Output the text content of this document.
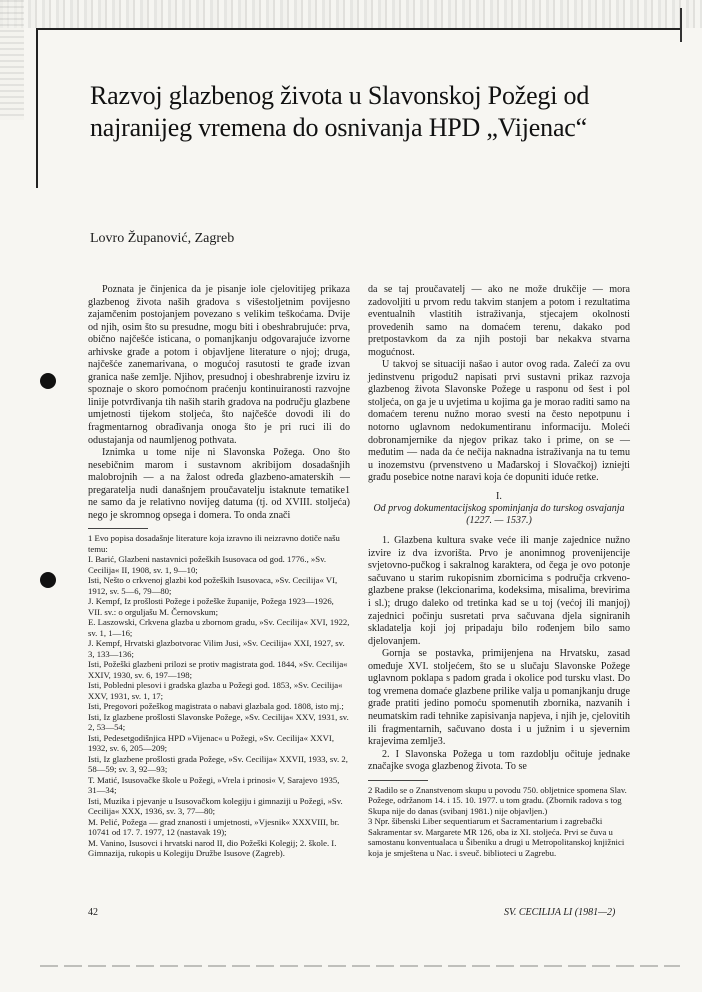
Razvoj glazbenog života u Slavonskoj Požegi od najranijeg vremena do osnivanja HPD „Vijenac“
Lovro Županović, Zagreb

Poznata je činjenica da je pisanje iole cjelovitijeg prikaza glazbenog života naših gradova s višestoljetnim povijesno zajamčenim postojanjem povezano s velikim teškoćama. Dvije od njih, osim što su presudne, mogu biti i obeshrabrujuće: prva, obično najčešće isticana, o pomanjkanju odgovarajuće izvorne arhivske građe a potom i objavljene literature o njoj; druga, najčešće zanemarivana, o mogućoj rasutosti te građe izvan granica naše zemlje. Njihov, presudnoj i obeshrabrenje izviru iz spoznaje o skoro pomoćnom praćenju kontinuiranosti razvojne linije potvrđivanja tih naših starih gradova na području glazbene umjetnosti tijekom stoljeća, što najčešće dovodi ili do fragmentarnog obrađivanja onoga što je pri ruci ili do odustajanja od naumljenog pothvata.

Iznimka u tome nije ni Slavonska Požega. Ono što nesebičnim marom i sustavnom akribijom dosadašnjih malobrojnih — a na žalost određa glazbeno-amaterskih — pregaratelja nudi današnjem proučavatelju istaknute tematike1 ne samo da je relativno novijeg datuma (tj. od XVIII. stoljeća) nego je skromnog opsega i domera. To onda znači

1 Evo popisa dosadašnje literature koja izravno ili neizravno dotiče našu temu:
I. Barić, Glazbeni nastavnici požeških Isusovaca od god. 1776., »Sv. Cecilija« II, 1908, sv. 1, 9—10;
Isti, Nešto o crkvenoj glazbi kod požeških Isusovaca, »Sv. Cecilija« VI, 1912, sv. 5—6, 79—80;
J. Kempf, Iz prošlosti Požege i požeške županije, Požega 1923—1926, VII. sv.: o orguljašu M. Černovskum;
E. Laszowski, Crkvena glazba u zbornom gradu, »Sv. Cecilija« XVI, 1922, sv. 1, 1—16;
J. Kempf, Hrvatski glazbotvorac Vilim Jusi, »Sv. Cecilija« XXI, 1927, sv. 3, 133—136;
Isti, Požeški glazbeni prilozi se protiv magistrata god. 1844, »Sv. Cecilija« XXIV, 1930, sv. 6, 197—198;
Isti, Pobledni plesovi i gradska glazba u Požegi god. 1853, »Sv. Cecilija« XXV, 1931, sv. 1, 17;
Isti, Pregovori požeškog magistrata o nabavi glazbala god. 1808, isto mj.;
Isti, Iz glazbene prošlosti Slavonske Požege, »Sv. Cecilija« XXV, 1931, sv. 2, 53—54;
Isti, Pedesetgodišnjica HPD »Vijenac« u Požegi, »Sv. Cecilija« XXVI, 1932, sv. 6, 205—209;
Isti, Iz glazbene prošlosti grada Požege, »Sv. Cecilija« XXVII, 1933, sv. 2, 58—59; sv. 3, 92—93;
T. Matić, Isusovačke škole u Požegi, »Vrela i prinosi« V, Sarajevo 1935, 31—34;
Isti, Muzika i pjevanje u Isusovačkom kolegiju i gimnaziji u Požegi, »Sv. Cecilija« XXX, 1936, sv. 3, 77—80;
M. Pelić, Požega — grad znanosti i umjetnosti, »Vjesnik« XXXVIII, br. 10741 od 17. 7. 1977, 12 (nastavak 19);
M. Vanino, Isusovci i hrvatski narod II, dio Požeški Kolegij; 2. škole. I. Gimnazija, rukopis u Kolegiju Družbe Isusove (Zagreb).

da se taj proučavatelj — ako ne može drukčije — mora zadovoljiti u prvom redu takvim stanjem a potom i rezultatima eventualnih vlastitih istraživanja, stjecajem okolnosti provedenih samo na domaćem terenu, dakako pod pretpostavkom da za njih postoji bar nekakva stvarna mogućnost.

U takvoj se situaciji našao i autor ovog rada. Zalećí za ovu jedinstvenu prigodu2 napisati prvi sustavni prikaz razvoja glazbenog života Slavonske Požege u rasponu od šest i pol stoljeća, on ga je u uvjetima u kojima ga je morao raditi samo na domaćem terenu nužno morao svesti na često nepotpunu i notorno uglavnom nedokumentiranu informaciju. Moleći dobronamjernike da njegov prikaz tako i prime, on se — međutim — nada da će nečija naknadna istraživanja na tu temu u inozemstvu (prvenstveno u Mađarskoj i Slovačkoj) izniejti građu posebice notne naravi koja će dopuniti iduće retke.

I.
Od prvog dokumentacijskog spominjanja do turskog osvajanja (1227. — 1537.)

1. Glazbena kultura svake veće ili manje zajednice nužno izvire iz dva izvorišta. Prvo je anonimnog provenijencije svjetovno-pučkog i sakralnog karaktera, od čega je ovo potonje sačuvano u starim rukopisnim zbornicima s područja crkveno-glazbene prakse (lekcionarima, kodeksima, misalima, brevirima i sl.); drugo daleko od tretinka kad se u toj (većoj ili manjoj) zajednici počinju susretati prva sačuvana djela signiranih skladatelja koji joj pripadaju bilo rođenjem bilo samo djelovanjem.

Gornja se postavka, primijenjena na Hrvatsku, zasad omeđuje XVI. stoljećem, što se u slučaju Slavonske Požege uglavnom poklapa s padom grada i okolice pod tursku vlast. Do tog vremena domaće glazbene prilike valja u pomanjkanju druge građe pratiti jedino pomoću spomenutih zbornika, nazvanih i neumatskim radi tehnike zapisivanja napjeva, i njih je, cjelovitih ili fragmentarnih, sačuvano dosta i u južnim i u sjevernim krajevima zemlje3.

2. I Slavonska Požega u tom razdoblju očituje jednake značajke svoga glazbenog života. To se

2 Radilo se o Znanstvenom skupu u povodu 750. obljetnice spomena Slav. Požege, održanom 14. i 15. 10. 1977. u tom gradu. (Zbornik radova s tog Skupa nije do danas (svibanj 1981.) nije objavljen.)
3 Npr. šibenski Liber sequentiarum et Sacramentarium i zagrebački Sakramentar sv. Margarete MR 126, oba iz XI. stoljeća. Prvi se čuva u samostanu konventualaca u Šibeniku a drugi u Metropolitanskoj knjižnici koja je smještena u Nac. i sveuč. biblioteci u Zagrebu.
42	SV. CECILIJA LI (1981—2)
